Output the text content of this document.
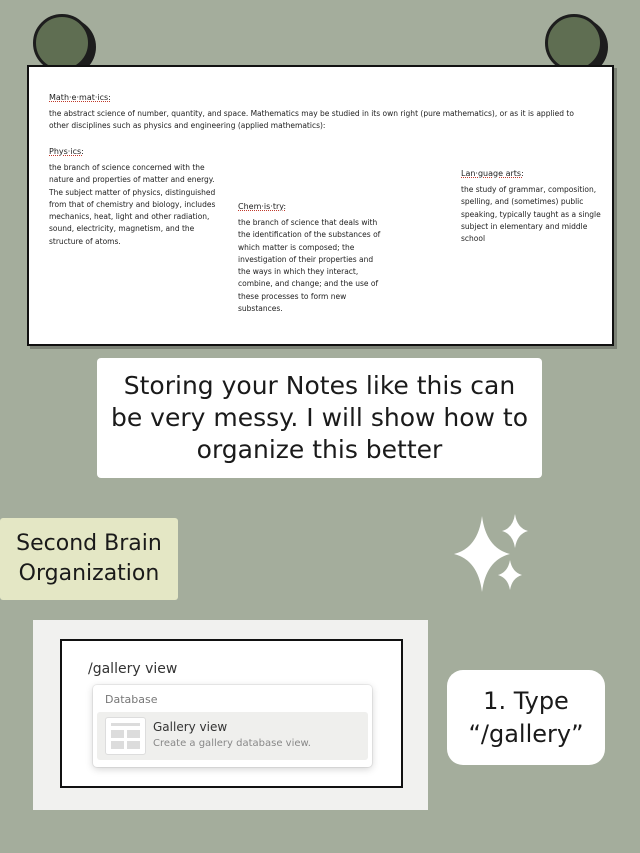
Math·e·mat·ics:
the abstract science of number, quantity, and space. Mathematics may be studied in its own right (pure mathematics), or as it is applied to other disciplines such as physics and engineering (applied mathematics):
Phys·ics:
the branch of science concerned with the nature and properties of matter and energy. The subject matter of physics, distinguished from that of chemistry and biology, includes mechanics, heat, light and other radiation, sound, electricity, magnetism, and the structure of atoms.
Chem·is·try:
the branch of science that deals with the identification of the substances of which matter is composed; the investigation of their properties and the ways in which they interact, combine, and change; and the use of these processes to form new substances.
Lan·guage arts:
the study of grammar, composition, spelling, and (sometimes) public speaking, typically taught as a single subject in elementary and middle school
Storing your Notes like this can be very messy. I will show how to organize this better
Second Brain Organization
/gallery view
Database
Gallery view
Create a gallery database view.
1. Type “/gallery”
